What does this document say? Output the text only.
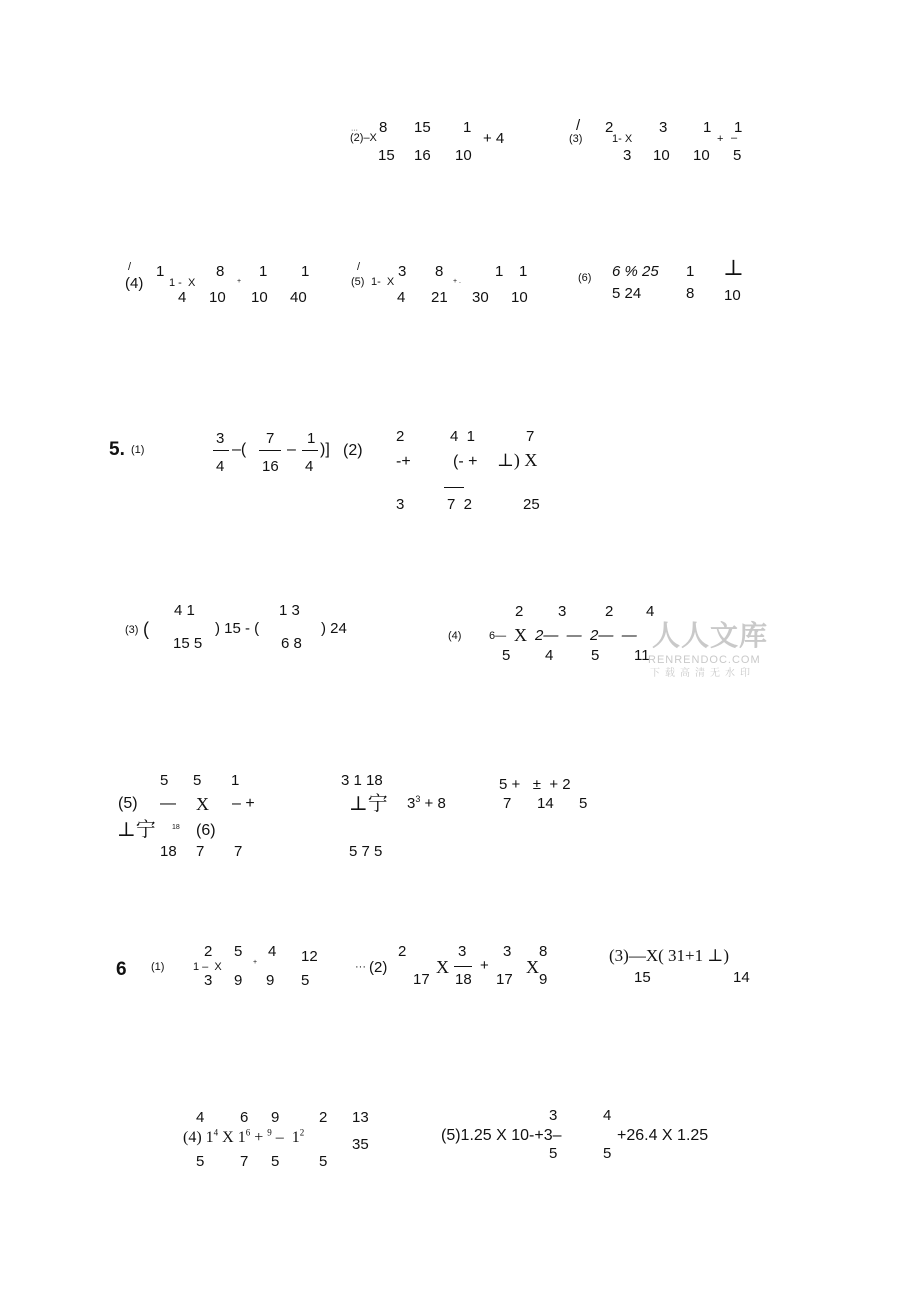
···
(2)–X
8 15 1
15 16 10
+ 4
/
(3)
2	3 1 1
1- X	+ –
3 10 10 5
/ 1
(4) 1 -  X
8 1 1
+
4 10 10 40
/
(5) 1-  X
3 8	1 1
+ .
4 21 30 10
(6) 6 % 25 1 ⊥
5 24	8 10
5. (1)
3	7 1
–(	– )]
4	16 4
(2)
2	4  1	7
-+	(- + ⊥) X
3	7  2	25
(3) (
4 1	1 3
) 15 - (	) 24
15 5	6 8	(4)
2 3	2 4
6— X 2—  —  2—  —
5 4	5 11
5 5 1
(5) — X – +
⊥宁 18
18 7 7
(6)
3 1 18
⊥宁 $3^3 + 8$
5 7 5
5 +   ±  + 2
7 14 5
6 (1)	1 –  X	+	··· (2)	X + X
2 5 4 12
3 9 9 5
2	3 3 8
17 18 17 9
(3)—X( 31+1 ⊥)
15	14
4 6 9	2 13
(4) $1^4$ X $1^6 + ^9 - 1^2$
35
5 7 5	5
3	4
(5)1.25 X 10-+3–	+26.4 X 1.25
5	5
人人文库
RENRENDOC.COM
下载高清无水印
